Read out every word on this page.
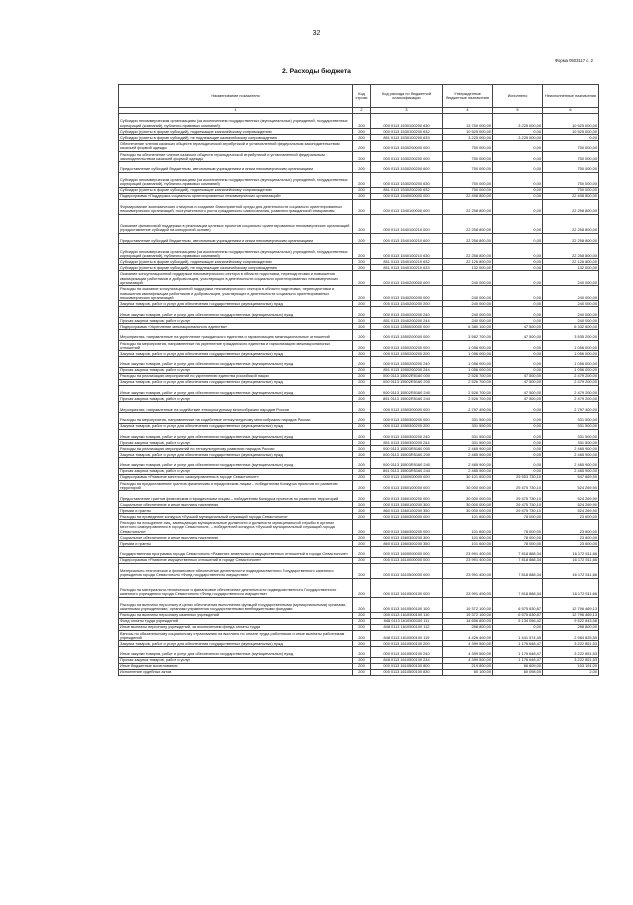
32
Форма 0503117 с. 2
2. Расходы бюджета
Наименование показателя	Код строки	Код расхода по бюджетной классификации	Утвержденные бюджетные назначения	Исполнено	Неисполненные назначения
1	2	3	4	5	6
Субсидии некоммерческим организациям (за исключением государственных (муниципальных) учреждений, государственных корпораций (компаний), публично-правовых компаний)	200	000 0113 1530100200 630	13 750 000,00	3 225 000,00	10 525 000,00
Субсидии (гранты в форме субсидий), подлежащие казначейскому сопровождению	200	000 0113 1530100200 632	10 525 000,00	0,00	10 525 000,00
Субсидии (гранты в форме субсидий), не подлежащие казначейскому сопровождению	200	851 0113 1530100200 633	3 225 000,00	3 225 000,00	0,00
Обеспечение членов казачьих обществ геральдической атрибутикой и установленной федеральным законодательством казачьей формой одежды	200	000 0113 1530200000 000	750 000,00	0,00	750 000,00
Расходы на обеспечение членов казачьих обществ геральдической атрибутикой и установленной федеральным законодательством казачьей формой одежды	200	000 0113 1530200200 000	750 000,00	0,00	750 000,00
Предоставление субсидий бюджетным, автономным учреждениям и иным некоммерческим организациям	200	000 0113 1530200200 600	750 000,00	0,00	750 000,00
Субсидии некоммерческим организациям (за исключением государственных (муниципальных) учреждений, государственных корпораций (компаний), публично-правовых компаний)	200	000 0113 1530200200 630	750 000,00	0,00	750 000,00
Субсидии (гранты в форме субсидий), подлежащие казначейскому сопровождению	200	851 0113 1530200200 632	750 000,00	0,00	750 000,00
Подпрограмма «Поддержка социально ориентированных некоммерческих организаций»	200	000 0113 1540000000 000	22 498 800,00	0,00	22 498 800,00
Формирование экономических стимулов и создание благоприятной среды для деятельности социально ориентированных некоммерческих организаций, поступательного роста гражданского самосознания, развития гражданской инициативы	200	000 0113 1540100000 000	22 258 800,00	0,00	22 258 800,00
Оказание финансовой поддержки в реализации целевых проектов социально ориентированных некоммерческих организаций (предоставление субсидий на конкурсной основе)	200	000 0113 1540100210 000	22 258 800,00	0,00	22 258 800,00
Предоставление субсидий бюджетным, автономным учреждениям и иным некоммерческим организациям	200	000 0113 1540100210 600	22 258 800,00	0,00	22 258 800,00
Субсидии некоммерческим организациям (за исключением государственных (муниципальных) учреждений, государственных корпораций (компаний), публично-правовых компаний)	200	000 0113 1540100210 630	22 258 800,00	0,00	22 258 800,00
Субсидии (гранты в форме субсидий), подлежащие казначейскому сопровождению	200	851 0113 1540100210 632	22 126 800,00	0,00	22 126 800,00
Субсидии (гранты в форме субсидий), не подлежащие казначейскому сопровождению	200	851 0113 1540100210 633	132 000,00	0,00	132 000,00
Оказание консультационной поддержки некоммерческого сектора в области подготовки, переподготовки и повышения квалификации работников и добровольцев, участвующих в деятельности социально ориентированных некоммерческих организаций	200	000 0113 1540200000 000	240 000,00	0,00	240 000,00
Расходы на оказание консультационной поддержки некоммерческого сектора в области подготовки, переподготовки и повышения квалификации работников и добровольцев, участвующих в деятельности социально ориентированных некоммерческих организаций	200	000 0113 1540200200 000	240 000,00	0,00	240 000,00
Закупка товаров, работ и услуг для обеспечения государственных (муниципальных) нужд	200	000 0113 1540200200 200	240 000,00	0,00	240 000,00
Иные закупки товаров, работ и услуг для обеспечения государственных (муниципальных) нужд	200	000 0113 1540200200 240	240 000,00	0,00	240 000,00
Прочая закупка товаров, работ и услуг	200	851 0113 1540200200 244	240 000,00	0,00	240 000,00
Подпрограмма «Укрепление межнационального единства»	200	000 0113 1550000000 000	6 380 100,00	47 500,00	6 332 600,00
Мероприятия, направленные на укрепление гражданского единства и гармонизацию межнациональных отношений	200	000 0113 1550200000 000	3 582 700,00	47 500,00	3 535 200,00
Расходы на мероприятия, направленные на укрепление гражданского единства и гармонизацию межнациональных отношений	200	000 0113 1550200200 000	1 056 000,00	0,00	1 056 000,00
Закупка товаров, работ и услуг для обеспечения государственных (муниципальных) нужд	200	000 0113 1550200200 200	1 056 000,00	0,00	1 056 000,00
Иные закупки товаров, работ и услуг для обеспечения государственных (муниципальных) нужд	200	000 0113 1550200200 240	1 056 000,00	0,00	1 056 000,00
Прочая закупка товаров, работ и услуг	200	851 0113 1550200200 244	1 056 000,00	0,00	1 056 000,00
Расходы на реализацию мероприятий по укреплению единства российской нации	200	000 0113 15502R5160 000	2 526 700,00	47 500,00	2 479 200,00
Закупка товаров, работ и услуг для обеспечения государственных (муниципальных) нужд	200	000 0113 15502R5160 200	2 526 700,00	47 500,00	2 479 200,00
Иные закупки товаров, работ и услуг для обеспечения государственных (муниципальных) нужд	200	000 0113 15502R5160 240	2 526 700,00	47 500,00	2 479 200,00
Прочая закупка товаров, работ и услуг	200	851 0113 15502R5160 244	2 526 700,00	47 500,00	2 479 200,00
Мероприятия, направленные на содействие этнокультурному многообразию народов России	200	000 0113 1550300000 000	2 797 400,00	0,00	2 797 400,00
Расходы на мероприятия, направленные на содействие этнокультурному многообразию народов России	200	000 0113 1550300200 000	331 500,00	0,00	331 500,00
Закупка товаров, работ и услуг для обеспечения государственных (муниципальных) нужд	200	000 0113 1550300200 200	331 500,00	0,00	331 500,00
Иные закупки товаров, работ и услуг для обеспечения государственных (муниципальных) нужд	200	000 0113 1550300200 240	331 500,00	0,00	331 500,00
Прочая закупка товаров, работ и услуг	200	851 0113 1550300200 244	331 500,00	0,00	331 500,00
Расходы на реализацию мероприятий по этнокультурному развитию народов России	200	000 0113 15503R5160 000	2 465 900,00	0,00	2 465 900,00
Закупка товаров, работ и услуг для обеспечения государственных (муниципальных) нужд	200	000 0113 15503R5160 200	2 465 900,00	0,00	2 465 900,00
Иные закупки товаров, работ и услуг для обеспечения государственных (муниципальных) нужд	200	000 0113 15503R5160 240	2 465 900,00	0,00	2 465 900,00
Прочая закупка товаров, работ и услуг	200	851 0113 15503R5160 244	2 465 900,00	0,00	2 465 900,00
Подпрограмма «Развитие местного самоуправления в городе Севастополе»	200	000 0113 1560000000 000	30 101 600,00	29 553 730,10	547 869,90
Расходы на предоставление грантов физическим и юридическим лицам – победителям Конкурса проектов по развитию территорий	200	000 0113 1560100000 000	30 000 000,00	29 475 730,10	524 269,90
Предоставление грантов физическим и юридическим лицам – победителям Конкурса проектов по развитию территорий	200	000 0113 1560100200 000	30 000 000,00	29 475 730,10	524 269,90
Социальное обеспечение и иные выплаты населению	200	000 0113 1560100200 300	30 000 000,00	29 475 730,10	524 269,90
Премии и гранты	200	860 0113 1560100200 350	30 000 000,00	29 475 730,10	524 269,90
Расходы на проведение конкурса «Лучший муниципальный служащий города Севастополя»	200	000 0113 1560300000 000	101 600,00	78 000,00	23 600,00
Расходы на поощрение лиц, замещающих муниципальные должности и должности муниципальной службы в органах местного самоуправления в городе Севастополе, – победителей конкурса «Лучший муниципальный служащий города Севастополя»	200	000 0113 1560300200 000	101 600,00	78 000,00	23 600,00
Социальное обеспечение и иные выплаты населению	200	000 0113 1560300200 300	101 600,00	78 000,00	23 600,00
Премии и гранты	200	860 0113 1560300200 350	101 600,00	78 000,00	23 600,00
Государственная программа города Севастополя «Развитие земельных и имущественных отношений в городе Севастополе»	200	000 0113 1600000000 000	23 991 400,00	7 818 888,34	16 172 511,66
Подпрограмма «Развитие имущественных отношений в городе Севастополе»	200	000 0113 1610000000 000	23 991 400,00	7 818 888,34	16 172 511,66
Материально-техническое и финансовое обеспечение деятельности подведомственного Государственного казенного учреждения города Севастополя «Фонд государственного имущества»	200	000 0113 1610500000 000	23 991 400,00	7 818 888,34	16 172 511,66
Расходы на материально-техническое и финансовое обеспечение деятельности подведомственного Государственного казенного учреждения города Севастополя «Фонд государственного имущества»	200	000 0113 1610500100 000	23 991 400,00	7 818 888,34	16 172 511,66
Расходы на выплаты персоналу в целях обеспечения выполнения функций государственными (муниципальными) органами, казенными учреждениями, органами управления государственными внебюджетными фондами	200	000 0113 1610500100 100	19 372 100,00	6 575 630,87	12 796 469,13
Расходы на выплаты персоналу казенных учреждений	200	000 0113 1610500100 110	19 372 100,00	6 575 630,87	12 796 469,13
Фонд оплаты труда учреждений	200	848 0113 1610500100 111	14 656 800,00	5 134 056,42	9 522 843,58
Иные выплаты персоналу учреждений, за исключением фонда оплаты труда	200	848 0113 1610500100 112	288 800,00	0,00	288 800,00
Взносы по обязательному социальному страхованию на выплаты по оплате труда работников и иные выплаты работникам учреждений	200	848 0113 1610500100 119	4 426 400,00	1 441 574,45	2 984 825,55
Закупка товаров, работ и услуг для обеспечения государственных (муниципальных) нужд	200	000 0113 1610500100 200	4 399 500,00	1 176 648,47	3 222 851,53
Иные закупки товаров, работ и услуг для обеспечения государственных (муниципальных) нужд	200	000 0113 1610500100 240	4 399 500,00	1 176 648,47	3 222 851,53
Прочая закупка товаров, работ и услуг	200	848 0113 1610500100 244	4 399 500,00	1 176 648,47	3 222 851,53
Иные бюджетные ассигнования	200	000 0113 1610500100 800	219 800,00	66 609,00	153 191,00
Исполнение судебных актов	200	000 0113 1610500100 830	60 100,00	60 098,00	2,00
